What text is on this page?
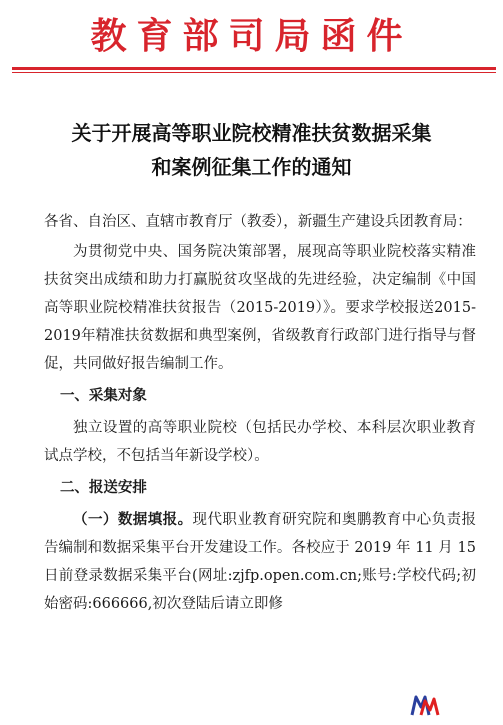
教育部司局函件
关于开展高等职业院校精准扶贫数据采集
和案例征集工作的通知

各省、自治区、直辖市教育厅（教委），新疆生产建设兵团教育局：

为贯彻党中央、国务院决策部署，展现高等职业院校落实精准扶贫突出成绩和助力打赢脱贫攻坚战的先进经验，决定编制《中国高等职业院校精准扶贫报告（2015-2019）》。要求学校报送2015-2019年精准扶贫数据和典型案例，省级教育行政部门进行指导与督促，共同做好报告编制工作。

一、采集对象

独立设置的高等职业院校（包括民办学校、本科层次职业教育试点学校，不包括当年新设学校）。

二、报送安排

（一）数据填报。现代职业教育研究院和奥鹏教育中心负责报告编制和数据采集平台开发建设工作。各校应于 2019 年 11 月 15 日前登录数据采集平台(网址:zjfp.open.com.cn;账号:学校代码;初始密码:666666,初次登陆后请立即修
